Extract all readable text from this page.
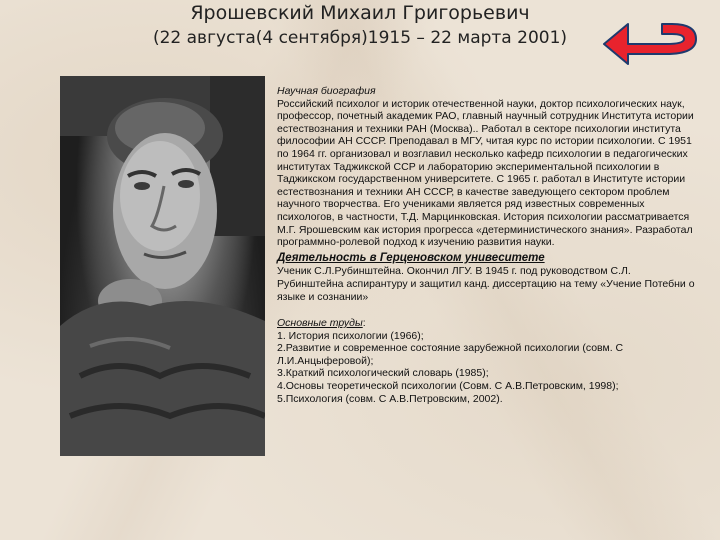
Ярошевский Михаил Григорьевич
(22 августа(4 сентября)1915 – 22 марта 2001)

Научная биография

Российский психолог и историк отечественной науки, доктор психологических наук, профессор, почетный академик РАО, главный научный сотрудник Института истории естествознания и техники РАН (Москва).. Работал в секторе психологии института философии АН СССР. Преподавал в МГУ, читая курс по истории психологии. С 1951 по 1964 гг. организовал и возглавил несколько кафедр психологии в педагогических институтах Таджикской ССР и лабораторию экспериментальной психологии в Таджикском государственном университете. С 1965 г. работал в Институте истории естествознания и техники АН СССР, в качестве заведующего сектором проблем научного творчества. Его учениками является ряд известных современных психологов, в частности, Т.Д. Марцинковская. История психологии рассматривается М.Г. Ярошевским как история прогресса «детерминистического знания». Разработал программно-ролевой подход к изучению развития науки.

Деятельность в Герценовском унивеситете

Ученик С.Л.Рубинштейна. Окончил ЛГУ. В 1945 г. под руководством С.Л. Рубинштейна аспирантуру и защитил канд. диссертацию на тему «Учение Потебни о языке и сознании»

Основные труды:

1. История психологии (1966);

2.Развитие и современное состояние зарубежной психологии (совм. С Л.И.Анцыферовой);

3.Краткий психологический словарь (1985);

4.Основы теоретической психологии (Совм. С А.В.Петровским, 1998);

5.Психология (совм. С А.В.Петровским, 2002).
